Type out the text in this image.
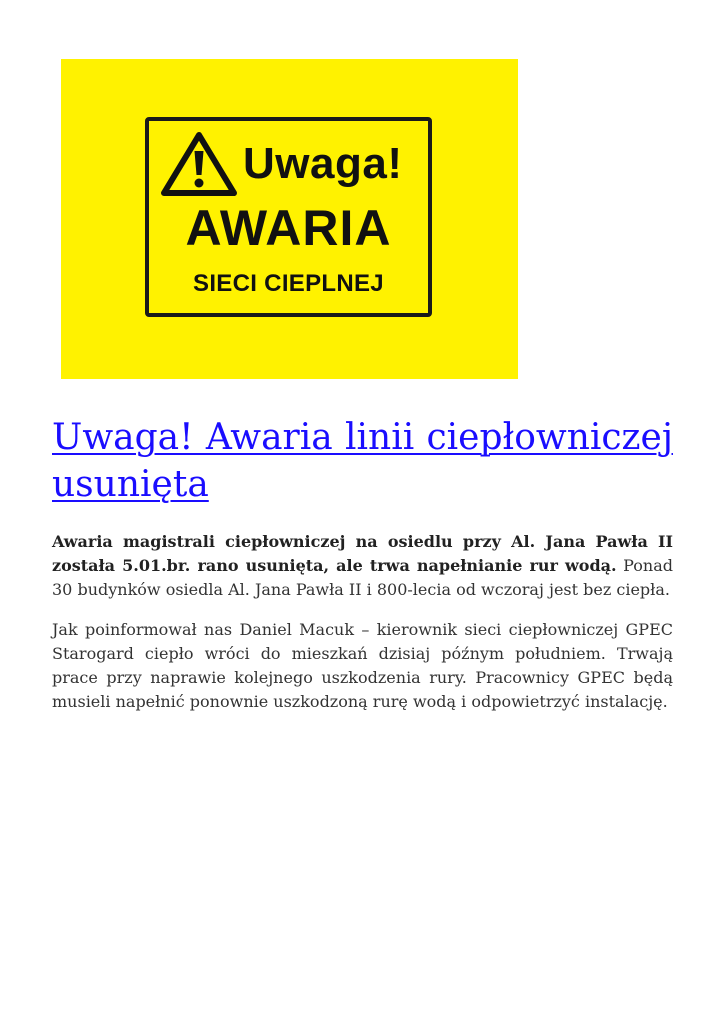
Uwaga!
AWARIA
SIECI CIEPLNEJ
Uwaga! Awaria linii ciepłowniczej usunięta

Awaria magistrali ciepłowniczej na osiedlu przy Al. Jana Pawła II została 5.01.br. rano usunięta, ale trwa napełnianie rur wodą. Ponad 30 budynków osiedla Al. Jana Pawła II i 800-lecia od wczoraj jest bez ciepła.

Jak poinformował nas Daniel Macuk – kierownik sieci ciepłowniczej GPEC Starogard ciepło wróci do mieszkań dzisiaj późnym południem. Trwają prace przy naprawie kolejnego uszkodzenia rury. Pracownicy GPEC będą musieli napełnić ponownie uszkodzoną rurę wodą i odpowietrzyć instalację.
